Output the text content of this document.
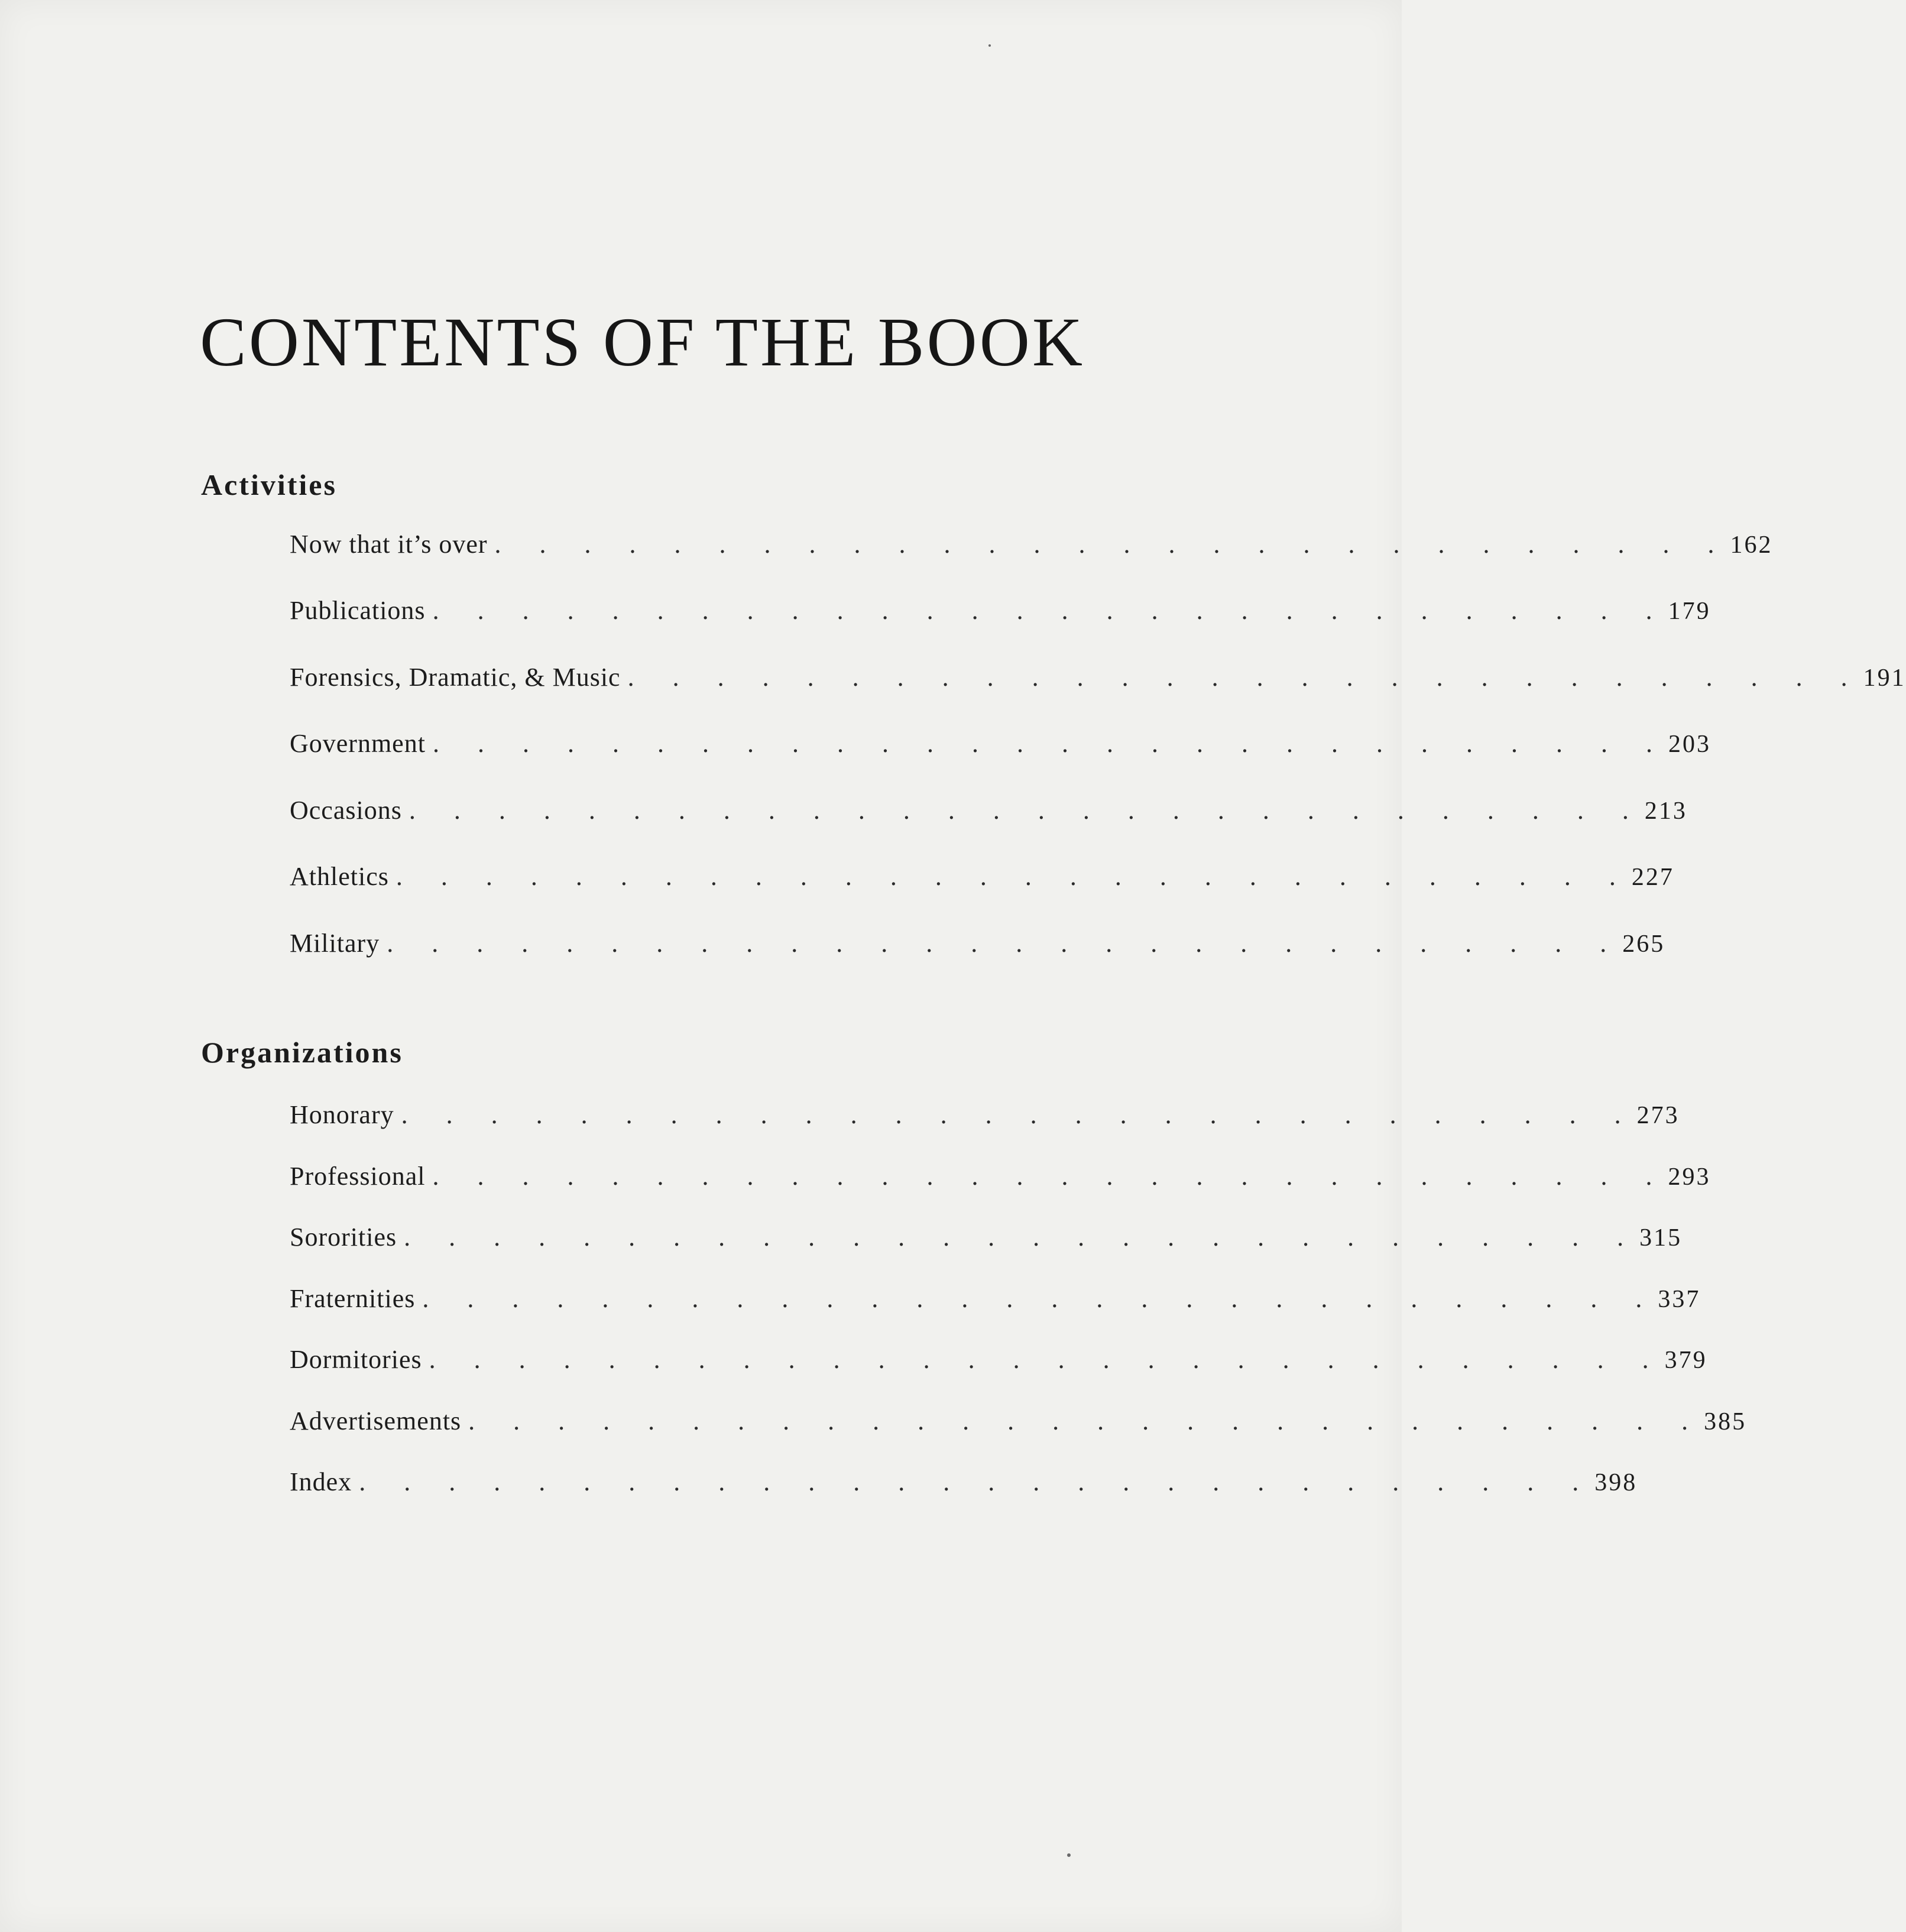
CONTENTS OF THE BOOK
Activities
Now that it’s over . . . . . . . . . . . . . . . . . . . . . . . . . . . . 162
Publications . . . . . . . . . . . . . . . . . . . . . . . . . . . . 179
Forensics, Dramatic, & Music . . . . . . . . . . . . . . . . . . . . . . . . . . . . 191
Government . . . . . . . . . . . . . . . . . . . . . . . . . . . . 203
Occasions . . . . . . . . . . . . . . . . . . . . . . . . . . . . 213
Athletics . . . . . . . . . . . . . . . . . . . . . . . . . . . . 227
Military . . . . . . . . . . . . . . . . . . . . . . . . . . . . 265
Organizations
Honorary . . . . . . . . . . . . . . . . . . . . . . . . . . . . 273
Professional . . . . . . . . . . . . . . . . . . . . . . . . . . . . 293
Sororities . . . . . . . . . . . . . . . . . . . . . . . . . . . . 315
Fraternities . . . . . . . . . . . . . . . . . . . . . . . . . . . . 337
Dormitories . . . . . . . . . . . . . . . . . . . . . . . . . . . . 379
Advertisements . . . . . . . . . . . . . . . . . . . . . . . . . . . . 385
Index . . . . . . . . . . . . . . . . . . . . . . . . . . . . 398
